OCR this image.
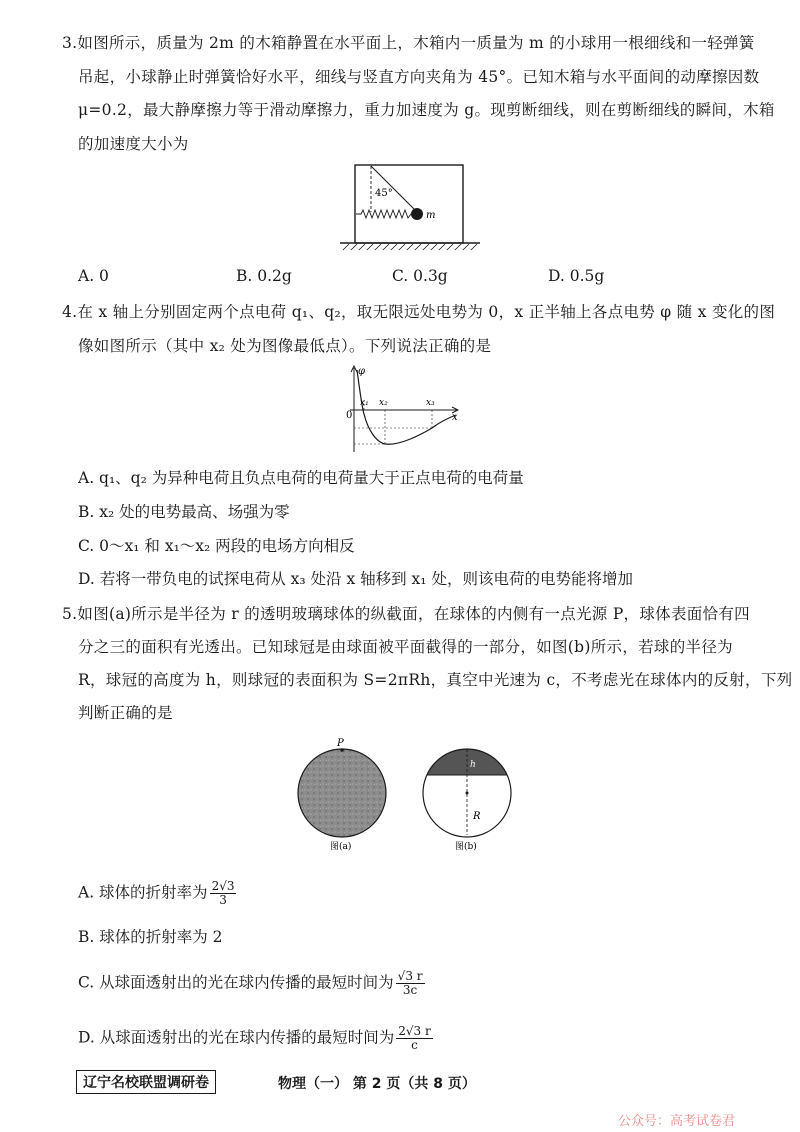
3.如图所示，质量为 2m 的木箱静置在水平面上，木箱内一质量为 m 的小球用一根细线和一轻弹簧
吊起，小球静止时弹簧恰好水平，细线与竖直方向夹角为 45°。已知木箱与水平面间的动摩擦因数
μ=0.2，最大静摩擦力等于滑动摩擦力，重力加速度为 g。现剪断细线，则在剪断细线的瞬间，木箱
的加速度大小为
45°
m
A. 0	B. 0.2g	C. 0.3g	D. 0.5g
4.在 x 轴上分别固定两个点电荷 q₁、q₂，取无限远处电势为 0，x 正半轴上各点电势 φ 随 x 变化的图
像如图所示（其中 x₂ 处为图像最低点）。下列说法正确的是
φ
x
0
x₁ x₂	x₃
A. q₁、q₂ 为异种电荷且负点电荷的电荷量大于正点电荷的电荷量
B. x₂ 处的电势最高、场强为零
C. 0～x₁ 和 x₁～x₂ 两段的电场方向相反
D. 若将一带负电的试探电荷从 x₃ 处沿 x 轴移到 x₁ 处，则该电荷的电势能将增加
5.如图(a)所示是半径为 r 的透明玻璃球体的纵截面，在球体的内侧有一点光源 P，球体表面恰有四
分之三的面积有光透出。已知球冠是由球面被平面截得的一部分，如图(b)所示，若球的半径为
R，球冠的高度为 h，则球冠的表面积为 S=2πRh，真空中光速为 c，不考虑光在球体内的反射，下列
判断正确的是
P
图(a)
h
R
图(b)
A. 球体的折射率为 $\frac{2√3}{3}$
B. 球体的折射率为 2
C. 从球面透射出的光在球内传播的最短时间为 $\frac{√3 r}{3c}$
D. 从球面透射出的光在球内传播的最短时间为 $\frac{2√3 r}{c}$
辽宁名校联盟调研卷	物理（一） 第 2 页（共 8 页）
公众号：高考试卷君
